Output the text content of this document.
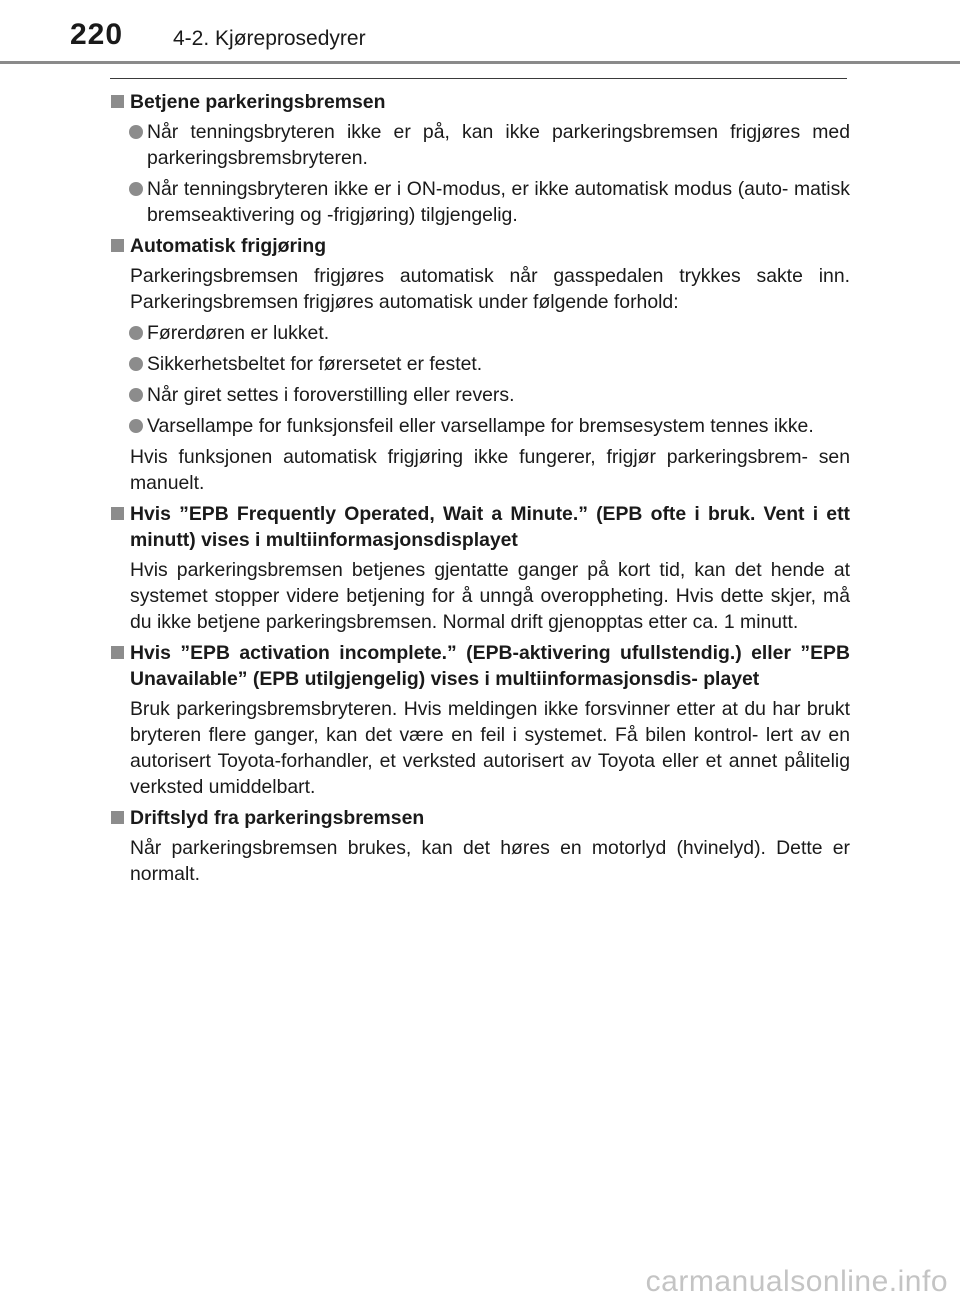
220 4-2. Kjøreprosedyrer
Betjene parkeringsbremsen
Når tenningsbryteren ikke er på, kan ikke parkeringsbremsen frigjøres med parkeringsbremsbryteren.
Når tenningsbryteren ikke er i ON-modus, er ikke automatisk modus (auto- matisk bremseaktivering og -frigjøring) tilgjengelig.
Automatisk frigjøring
Parkeringsbremsen frigjøres automatisk når gasspedalen trykkes sakte inn. Parkeringsbremsen frigjøres automatisk under følgende forhold:
Førerdøren er lukket.
Sikkerhetsbeltet for førersetet er festet.
Når giret settes i foroverstilling eller revers.
Varsellampe for funksjonsfeil eller varsellampe for bremsesystem tennes ikke.
Hvis funksjonen automatisk frigjøring ikke fungerer, frigjør parkeringsbrem- sen manuelt.
Hvis ”EPB Frequently Operated, Wait a Minute.” (EPB ofte i bruk. Vent i ett minutt) vises i multiinformasjonsdisplayet
Hvis parkeringsbremsen betjenes gjentatte ganger på kort tid, kan det hende at systemet stopper videre betjening for å unngå overoppheting. Hvis dette skjer, må du ikke betjene parkeringsbremsen. Normal drift gjenopptas etter ca. 1 minutt.
Hvis ”EPB activation incomplete.” (EPB-aktivering ufullstendig.) eller ”EPB Unavailable” (EPB utilgjengelig) vises i multiinformasjonsdis- playet
Bruk parkeringsbremsbryteren. Hvis meldingen ikke forsvinner etter at du har brukt bryteren flere ganger, kan det være en feil i systemet. Få bilen kontrol- lert av en autorisert Toyota-forhandler, et verksted autorisert av Toyota eller et annet pålitelig verksted umiddelbart.
Driftslyd fra parkeringsbremsen
Når parkeringsbremsen brukes, kan det høres en motorlyd (hvinelyd). Dette er normalt.
carmanualsonline.info
